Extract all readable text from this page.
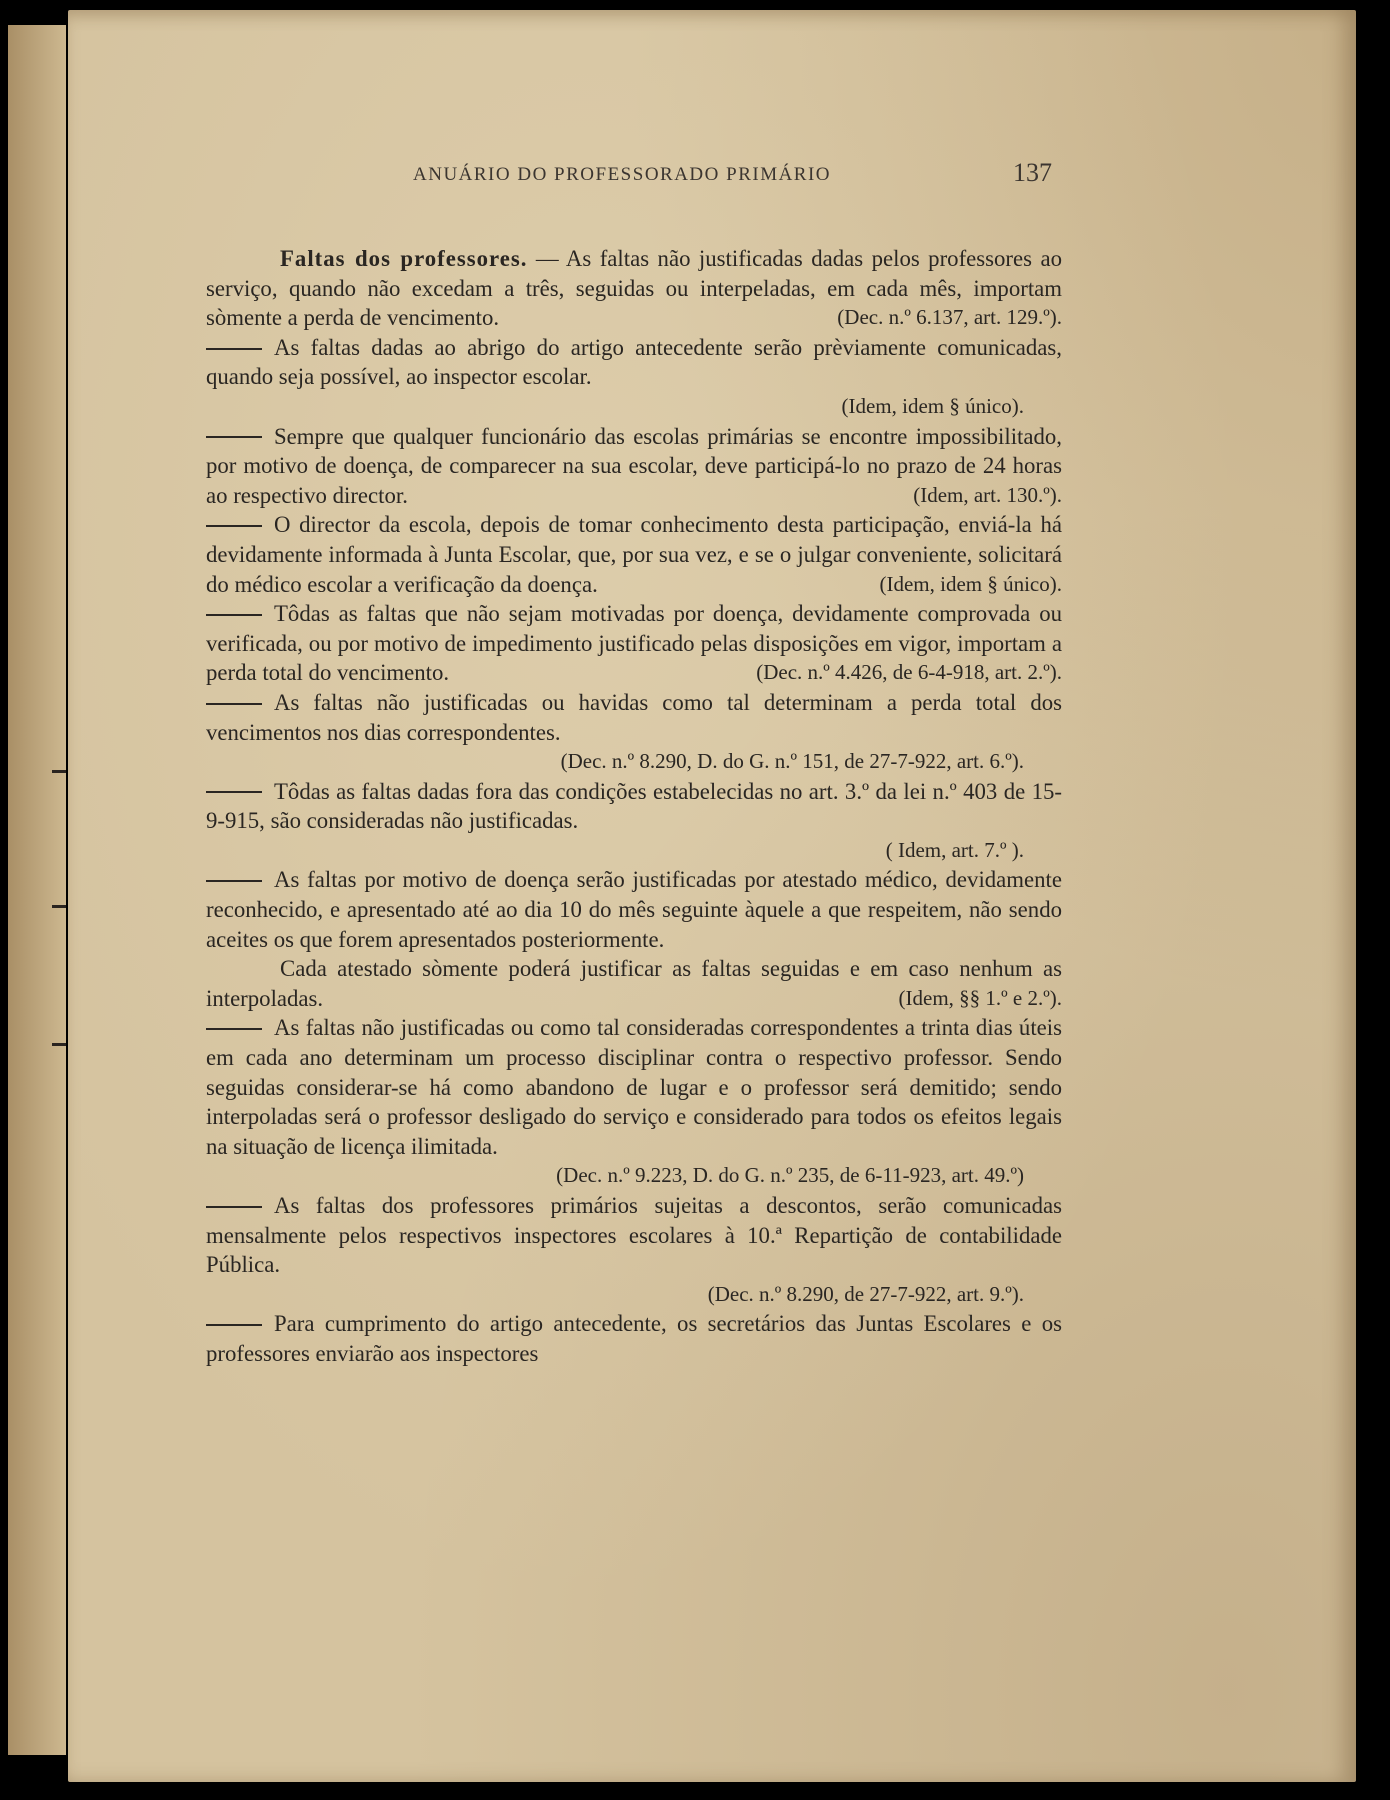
ANUÁRIO DO PROFESSORADO PRIMÁRIO	137

Faltas dos professores. — As faltas não justificadas dadas pelos professores ao serviço, quando não excedam a três, seguidas ou interpeladas, em cada mês, importam sòmente a perda de vencimento.	(Dec. n.º 6.137, art. 129.º).

As faltas dadas ao abrigo do artigo antecedente serão prèviamente comunicadas, quando seja possível, ao inspector escolar.

(Idem, idem § único).

Sempre que qualquer funcionário das escolas primárias se encontre impossibilitado, por motivo de doença, de comparecer na sua escolar, deve participá-lo no prazo de 24 horas ao respectivo director.	(Idem, art. 130.º).

O director da escola, depois de tomar conhecimento desta participação, enviá-la há devidamente informada à Junta Escolar, que, por sua vez, e se o julgar conveniente, solicitará do médico escolar a verificação da doença.	(Idem, idem § único).

Tôdas as faltas que não sejam motivadas por doença, devidamente comprovada ou verificada, ou por motivo de impedimento justificado pelas disposições em vigor, importam a perda total do vencimento.	(Dec. n.º 4.426, de 6-4-918, art. 2.º).

As faltas não justificadas ou havidas como tal determinam a perda total dos vencimentos nos dias correspondentes.

(Dec. n.º 8.290, D. do G. n.º 151, de 27-7-922, art. 6.º).

Tôdas as faltas dadas fora das condições estabelecidas no art. 3.º da lei n.º 403 de 15-9-915, são consideradas não justificadas.

( Idem, art. 7.º ).

As faltas por motivo de doença serão justificadas por atestado médico, devidamente reconhecido, e apresentado até ao dia 10 do mês seguinte àquele a que respeitem, não sendo aceites os que forem apresentados posteriormente.

Cada atestado sòmente poderá justificar as faltas seguidas e em caso nenhum as interpoladas.	(Idem, §§ 1.º e 2.º).

As faltas não justificadas ou como tal consideradas correspondentes a trinta dias úteis em cada ano determinam um processo disciplinar contra o respectivo professor. Sendo seguidas considerar-se há como abandono de lugar e o professor será demitido; sendo interpoladas será o professor desligado do serviço e considerado para todos os efeitos legais na situação de licença ilimitada.

(Dec. n.º 9.223, D. do G. n.º 235, de 6-11-923, art. 49.º)

As faltas dos professores primários sujeitas a descontos, serão comunicadas mensalmente pelos respectivos inspectores escolares à 10.ª Repartição de contabilidade Pública.

(Dec. n.º 8.290, de 27-7-922, art. 9.º).

Para cumprimento do artigo antecedente, os secretários das Juntas Escolares e os professores enviarão aos inspectores
